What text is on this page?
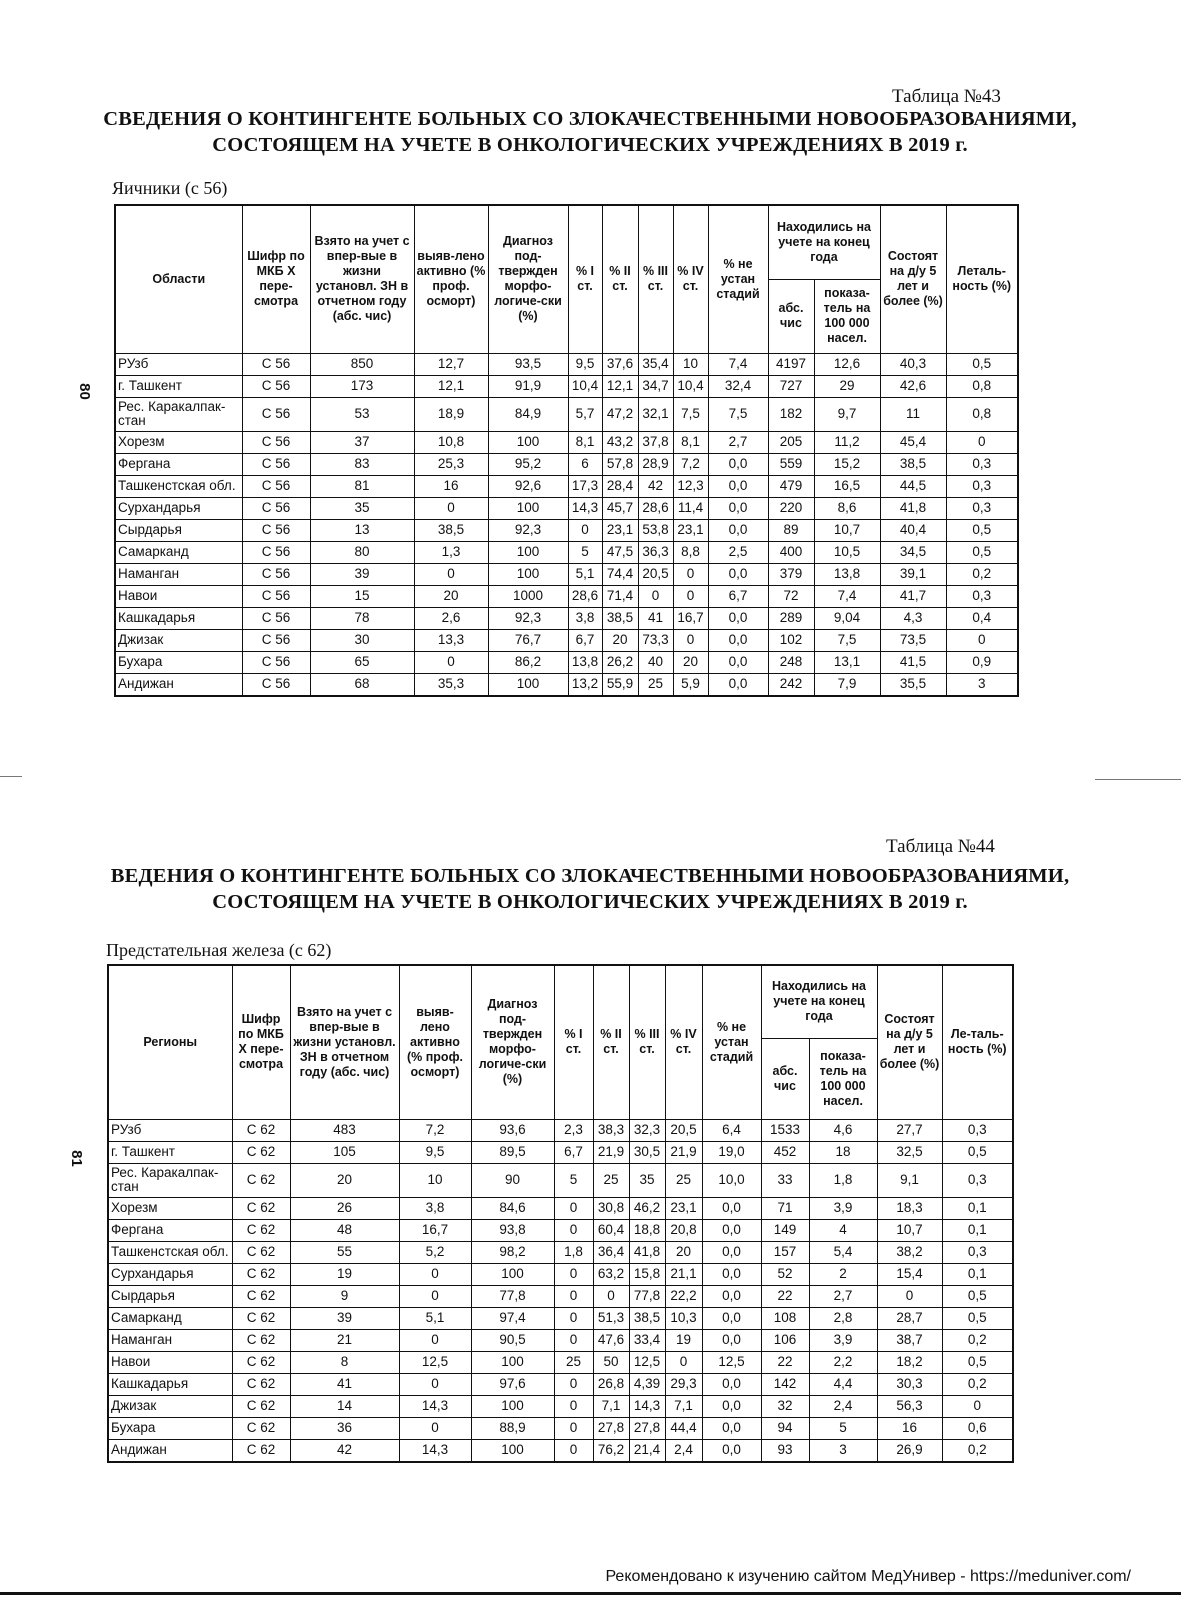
Таблица №43
СВЕДЕНИЯ О КОНТИНГЕНТЕ БОЛЬНЫХ СО ЗЛОКАЧЕСТВЕННЫМИ НОВООБРАЗОВАНИЯМИ,
СОСТОЯЩЕМ НА УЧЕТЕ В ОНКОЛОГИЧЕСКИХ УЧРЕЖДЕНИЯХ В 2019 г.
Яичники (с 56)
80
Области	Шифр по МКБ Х пере-смотра	Взято на учет с впер-вые в жизни установл. ЗН в отчетном году (абс. чис)	выяв-лено активно (% проф. осморт)	Диагноз под-твержден морфо-логиче-ски (%)	% I ст.	% II ст.	% III ст.	% IV ст.	% не устан стадий	Находились на учете на конец года		Состоят на д/у 5 лет и более (%)	Леталь-ность (%)
										абс. чис	показа-тель на 100 000 насел.		
РУзб	С 56	850	12,7	93,5	9,5	37,6	35,4	10	7,4	4197	12,6	40,3	0,5
г. Ташкент	С 56	173	12,1	91,9	10,4	12,1	34,7	10,4	32,4	727	29	42,6	0,8
Рес. Каракалпак-стан	С 56	53	18,9	84,9	5,7	47,2	32,1	7,5	7,5	182	9,7	11	0,8
Хорезм	С 56	37	10,8	100	8,1	43,2	37,8	8,1	2,7	205	11,2	45,4	0
Фергана	С 56	83	25,3	95,2	6	57,8	28,9	7,2	0,0	559	15,2	38,5	0,3
Ташкенстская обл.	С 56	81	16	92,6	17,3	28,4	42	12,3	0,0	479	16,5	44,5	0,3
Сурхандарья	С 56	35	0	100	14,3	45,7	28,6	11,4	0,0	220	8,6	41,8	0,3
Сырдарья	С 56	13	38,5	92,3	0	23,1	53,8	23,1	0,0	89	10,7	40,4	0,5
Самарканд	С 56	80	1,3	100	5	47,5	36,3	8,8	2,5	400	10,5	34,5	0,5
Наманган	С 56	39	0	100	5,1	74,4	20,5	0	0,0	379	13,8	39,1	0,2
Навои	С 56	15	20	1000	28,6	71,4	0	0	6,7	72	7,4	41,7	0,3
Кашкадарья	С 56	78	2,6	92,3	3,8	38,5	41	16,7	0,0	289	9,04	4,3	0,4
Джизак	С 56	30	13,3	76,7	6,7	20	73,3	0	0,0	102	7,5	73,5	0
Бухара	С 56	65	0	86,2	13,8	26,2	40	20	0,0	248	13,1	41,5	0,9
Андижан	С 56	68	35,3	100	13,2	55,9	25	5,9	0,0	242	7,9	35,5	3
Таблица №44
ВЕДЕНИЯ О КОНТИНГЕНТЕ БОЛЬНЫХ СО ЗЛОКАЧЕСТВЕННЫМИ НОВООБРАЗОВАНИЯМИ,
СОСТОЯЩЕМ НА УЧЕТЕ В ОНКОЛОГИЧЕСКИХ УЧРЕЖДЕНИЯХ В 2019 г.
Предстательная железа (с 62)
81
Регионы	Шифр по МКБ Х пере-смотра	Взято на учет с впер-вые в жизни установл. ЗН в отчетном году (абс. чис)	выяв-лено активно (% проф. осморт)	Диагноз под-твержден морфо-логиче-ски (%)	% I ст.	% II ст.	% III ст.	% IV ст.	% не устан стадий	Находились на учете на конец года		Состоят на д/у 5 лет и более (%)	Ле-таль-ность (%)
										абс. чис	показа-тель на 100 000 насел.		
РУзб	С 62	483	7,2	93,6	2,3	38,3	32,3	20,5	6,4	1533	4,6	27,7	0,3
г. Ташкент	С 62	105	9,5	89,5	6,7	21,9	30,5	21,9	19,0	452	18	32,5	0,5
Рес. Каракалпак-стан	С 62	20	10	90	5	25	35	25	10,0	33	1,8	9,1	0,3
Хорезм	С 62	26	3,8	84,6	0	30,8	46,2	23,1	0,0	71	3,9	18,3	0,1
Фергана	С 62	48	16,7	93,8	0	60,4	18,8	20,8	0,0	149	4	10,7	0,1
Ташкенстская обл.	С 62	55	5,2	98,2	1,8	36,4	41,8	20	0,0	157	5,4	38,2	0,3
Сурхандарья	С 62	19	0	100	0	63,2	15,8	21,1	0,0	52	2	15,4	0,1
Сырдарья	С 62	9	0	77,8	0	0	77,8	22,2	0,0	22	2,7	0	0,5
Самарканд	С 62	39	5,1	97,4	0	51,3	38,5	10,3	0,0	108	2,8	28,7	0,5
Наманган	С 62	21	0	90,5	0	47,6	33,4	19	0,0	106	3,9	38,7	0,2
Навои	С 62	8	12,5	100	25	50	12,5	0	12,5	22	2,2	18,2	0,5
Кашкадарья	С 62	41	0	97,6	0	26,8	4,39	29,3	0,0	142	4,4	30,3	0,2
Джизак	С 62	14	14,3	100	0	7,1	14,3	7,1	0,0	32	2,4	56,3	0
Бухара	С 62	36	0	88,9	0	27,8	27,8	44,4	0,0	94	5	16	0,6
Андижан	С 62	42	14,3	100	0	76,2	21,4	2,4	0,0	93	3	26,9	0,2
Рекомендовано к изучению сайтом МедУнивер - https://meduniver.com/
